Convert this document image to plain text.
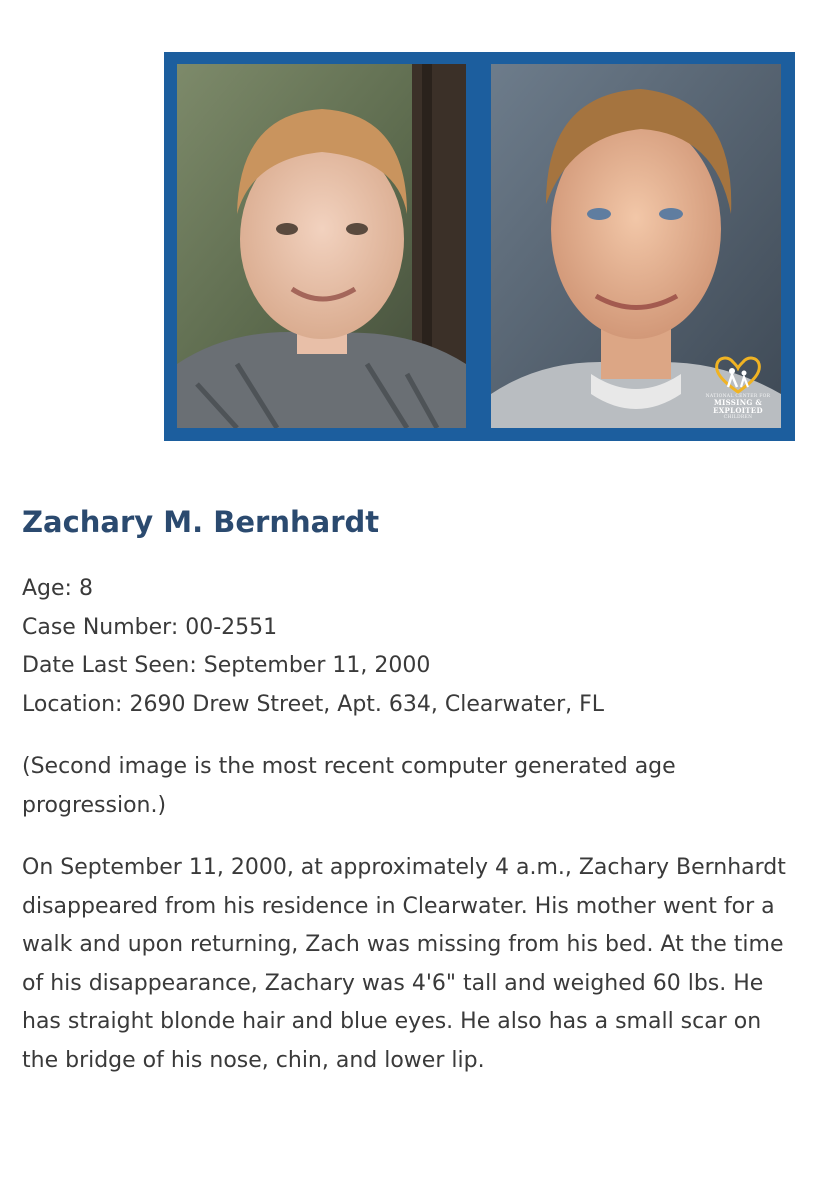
NATIONAL CENTER FOR
MISSING &
EXPLOITED
CHILDREN
Zachary M. Bernhardt

Age: 8

Case Number: 00-2551

Date Last Seen: September 11, 2000

Location: 2690 Drew Street, Apt. 634, Clearwater, FL

(Second image is the most recent computer generated age progression.)

On September 11, 2000, at approximately 4 a.m., Zachary Bernhardt disappeared from his residence in Clearwater. His mother went for a walk and upon returning, Zach was missing from his bed. At the time of his disappearance, Zachary was 4'6" tall and weighed 60 lbs. He has straight blonde hair and blue eyes. He also has a small scar on the bridge of his nose, chin, and lower lip.
